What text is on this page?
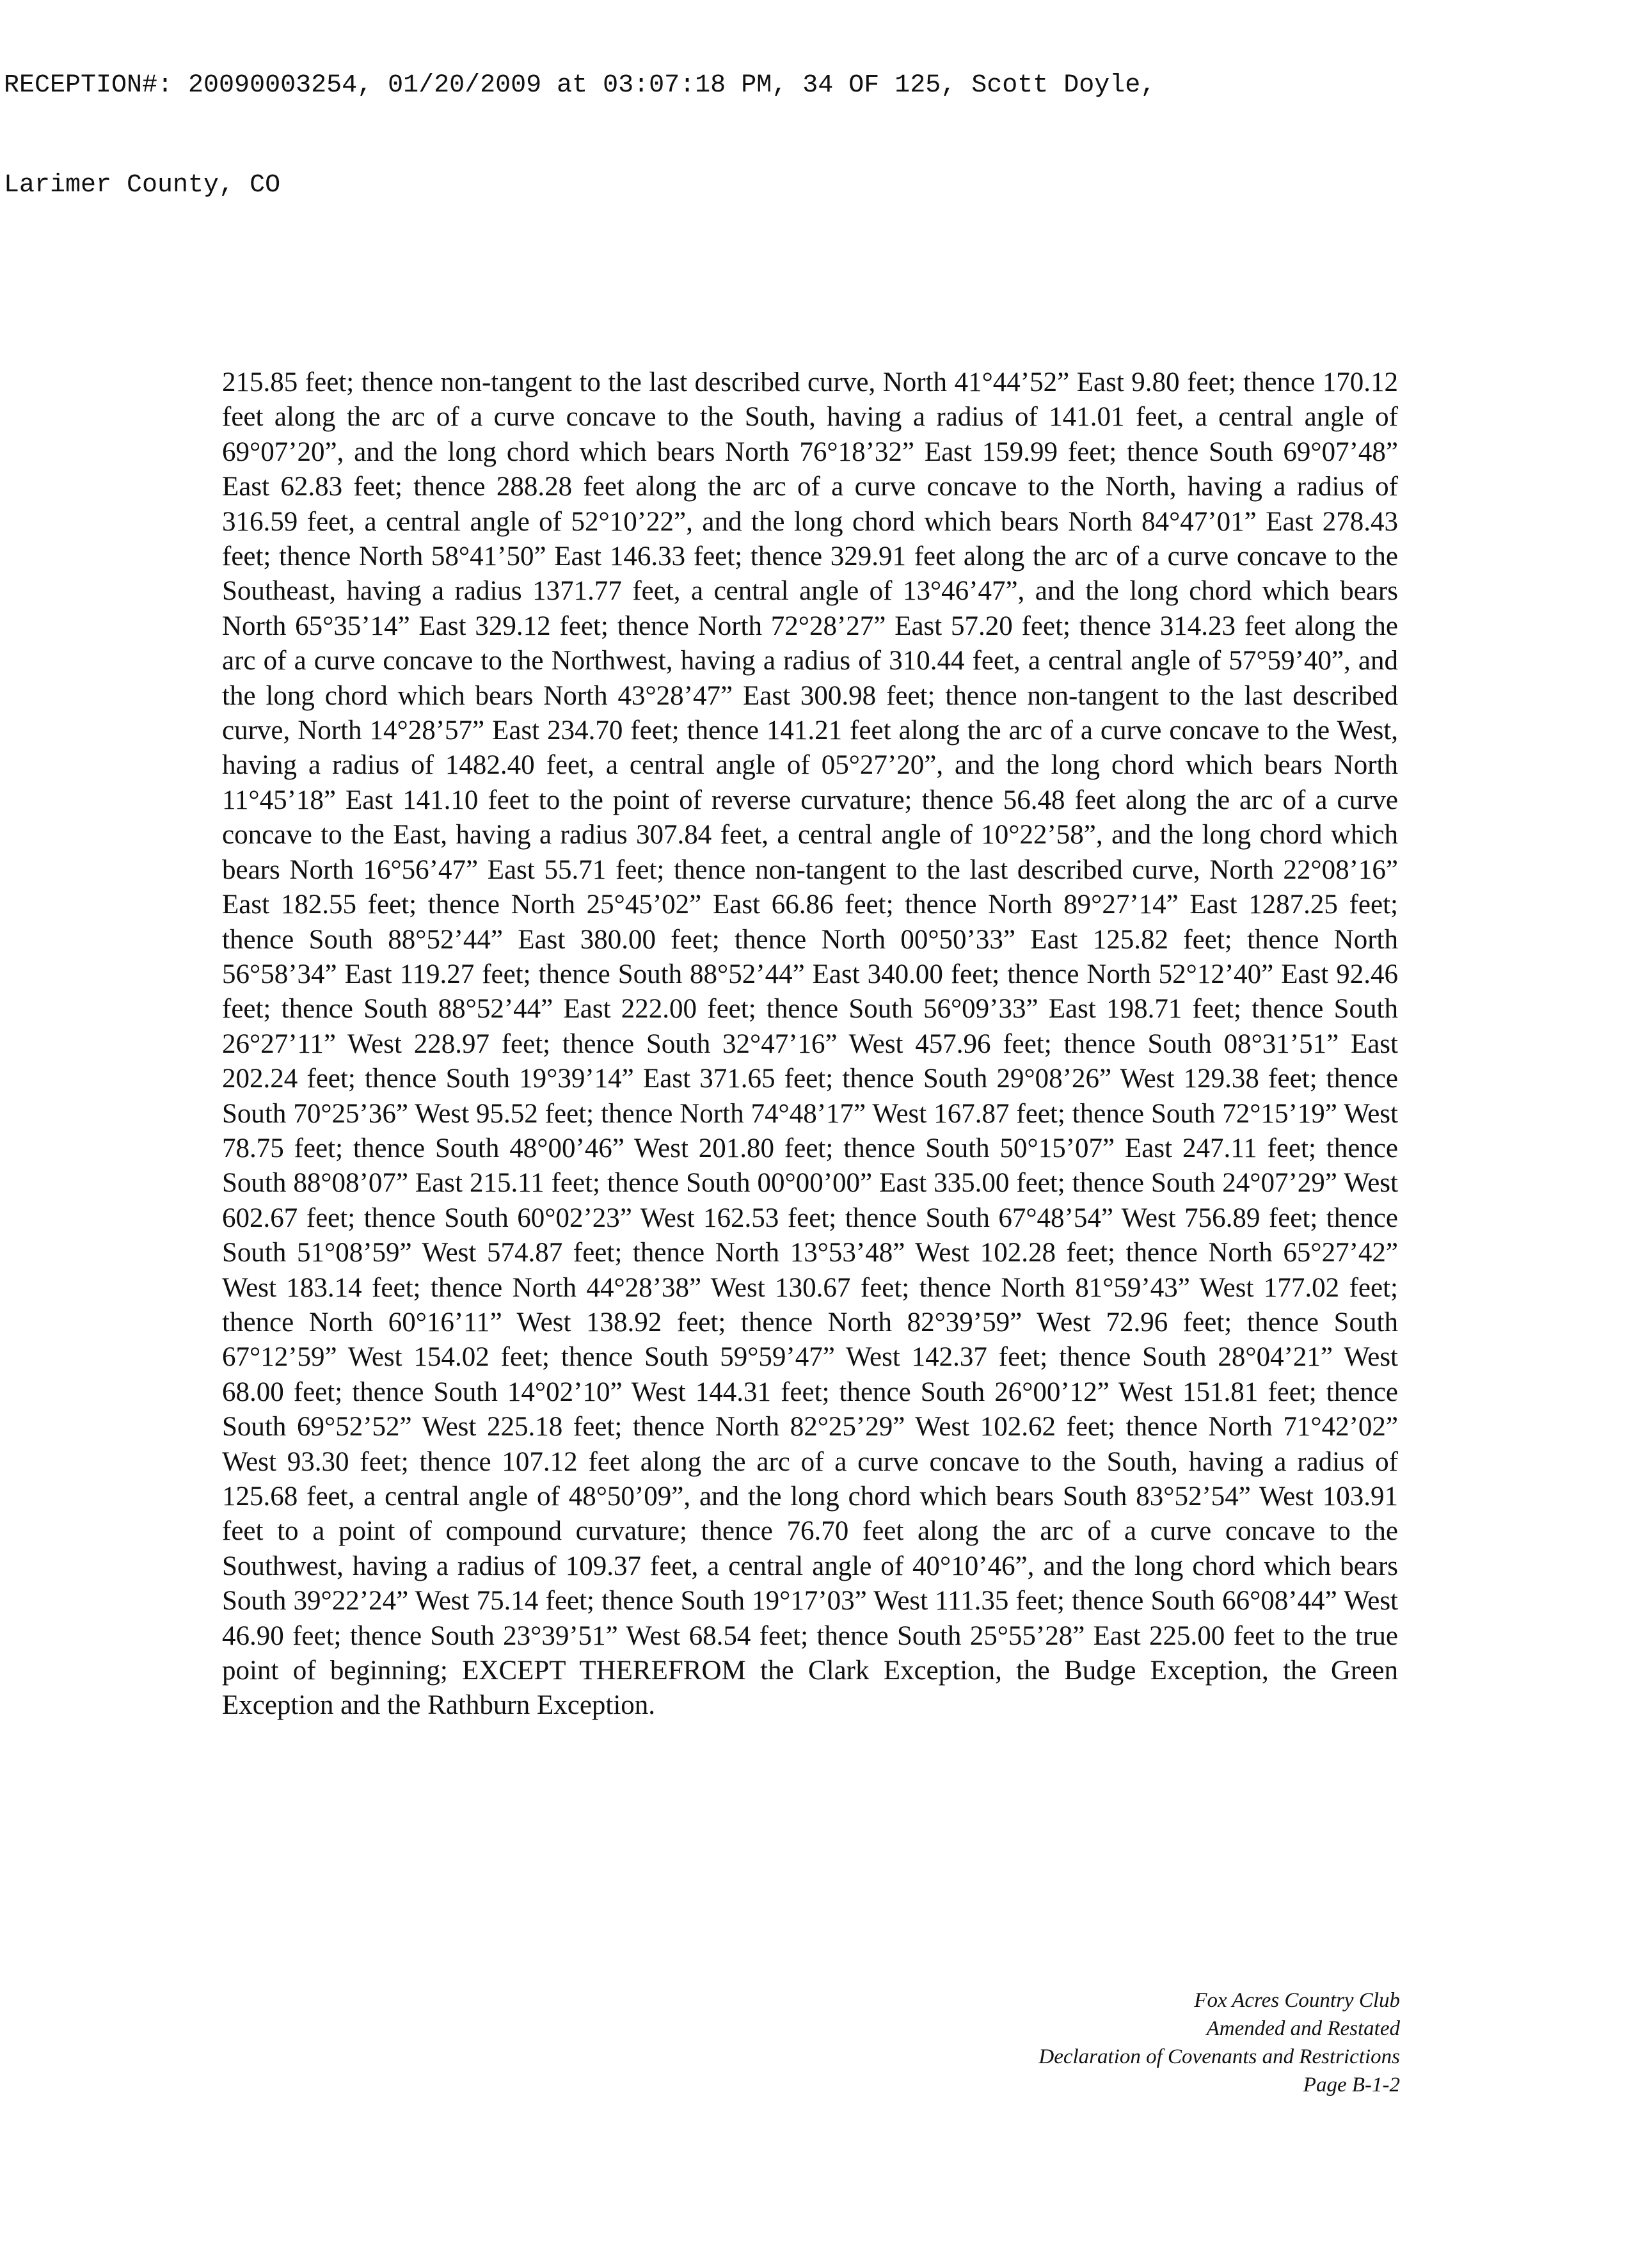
RECEPTION#: 20090003254, 01/20/2009 at 03:07:18 PM, 34 OF 125, Scott Doyle,

Larimer County, CO

215.85 feet; thence non-tangent to the last described curve, North 41°44’52” East 9.80 feet; thence 170.12 feet along the arc of a curve concave to the South, having a radius of 141.01 feet, a central angle of 69°07’20”, and the long chord which bears North 76°18’32” East 159.99 feet; thence South 69°07’48” East 62.83 feet; thence 288.28 feet along the arc of a curve concave to the North, having a radius of 316.59 feet, a central angle of 52°10’22”, and the long chord which bears North 84°47’01” East 278.43 feet; thence North 58°41’50” East 146.33 feet; thence 329.91 feet along the arc of a curve concave to the Southeast, having a radius 1371.77 feet, a central angle of 13°46’47”, and the long chord which bears North 65°35’14” East 329.12 feet; thence North 72°28’27” East 57.20 feet; thence 314.23 feet along the arc of a curve concave to the Northwest, having a radius of 310.44 feet, a central angle of 57°59’40”, and the long chord which bears North 43°28’47” East 300.98 feet; thence non-tangent to the last described curve, North 14°28’57” East 234.70 feet; thence 141.21 feet along the arc of a curve concave to the West, having a radius of 1482.40 feet, a central angle of 05°27’20”, and the long chord which bears North 11°45’18” East 141.10 feet to the point of reverse curvature; thence 56.48 feet along the arc of a curve concave to the East, having a radius 307.84 feet, a central angle of 10°22’58”, and the long chord which bears North 16°56’47” East 55.71 feet; thence non-tangent to the last described curve, North 22°08’16” East 182.55 feet; thence North 25°45’02” East 66.86 feet; thence North 89°27’14” East 1287.25 feet; thence South 88°52’44” East 380.00 feet; thence North 00°50’33” East 125.82 feet; thence North 56°58’34” East 119.27 feet; thence South 88°52’44” East 340.00 feet; thence North 52°12’40” East 92.46 feet; thence South 88°52’44” East 222.00 feet; thence South 56°09’33” East 198.71 feet; thence South 26°27’11” West 228.97 feet; thence South 32°47’16” West 457.96 feet; thence South 08°31’51” East 202.24 feet; thence South 19°39’14” East 371.65 feet; thence South 29°08’26” West 129.38 feet; thence South 70°25’36” West 95.52 feet; thence North 74°48’17” West 167.87 feet; thence South 72°15’19” West 78.75 feet; thence South 48°00’46” West 201.80 feet; thence South 50°15’07” East 247.11 feet; thence South 88°08’07” East 215.11 feet; thence South 00°00’00” East 335.00 feet; thence South 24°07’29” West 602.67 feet; thence South 60°02’23” West 162.53 feet; thence South 67°48’54” West 756.89 feet; thence South 51°08’59” West 574.87 feet; thence North 13°53’48” West 102.28 feet; thence North 65°27’42” West 183.14 feet; thence North 44°28’38” West 130.67 feet; thence North 81°59’43” West 177.02 feet; thence North 60°16’11” West 138.92 feet; thence North 82°39’59” West 72.96 feet; thence South 67°12’59” West 154.02 feet; thence South 59°59’47” West 142.37 feet; thence South 28°04’21” West 68.00 feet; thence South 14°02’10” West 144.31 feet; thence South 26°00’12” West 151.81 feet; thence South 69°52’52” West 225.18 feet; thence North 82°25’29” West 102.62 feet; thence North 71°42’02” West 93.30 feet; thence 107.12 feet along the arc of a curve concave to the South, having a radius of 125.68 feet, a central angle of 48°50’09”, and the long chord which bears South 83°52’54” West 103.91 feet to a point of compound curvature; thence 76.70 feet along the arc of a curve concave to the Southwest, having a radius of 109.37 feet, a central angle of 40°10’46”, and the long chord which bears South 39°22’24” West 75.14 feet; thence South 19°17’03” West 111.35 feet; thence South 66°08’44” West 46.90 feet; thence South 23°39’51” West 68.54 feet; thence South 25°55’28” East 225.00 feet to the true point of beginning; EXCEPT THEREFROM the Clark Exception, the Budge Exception, the Green Exception and the Rathburn Exception.

Fox Acres Country Club
Amended and Restated
Declaration of Covenants and Restrictions
Page B-1-2
